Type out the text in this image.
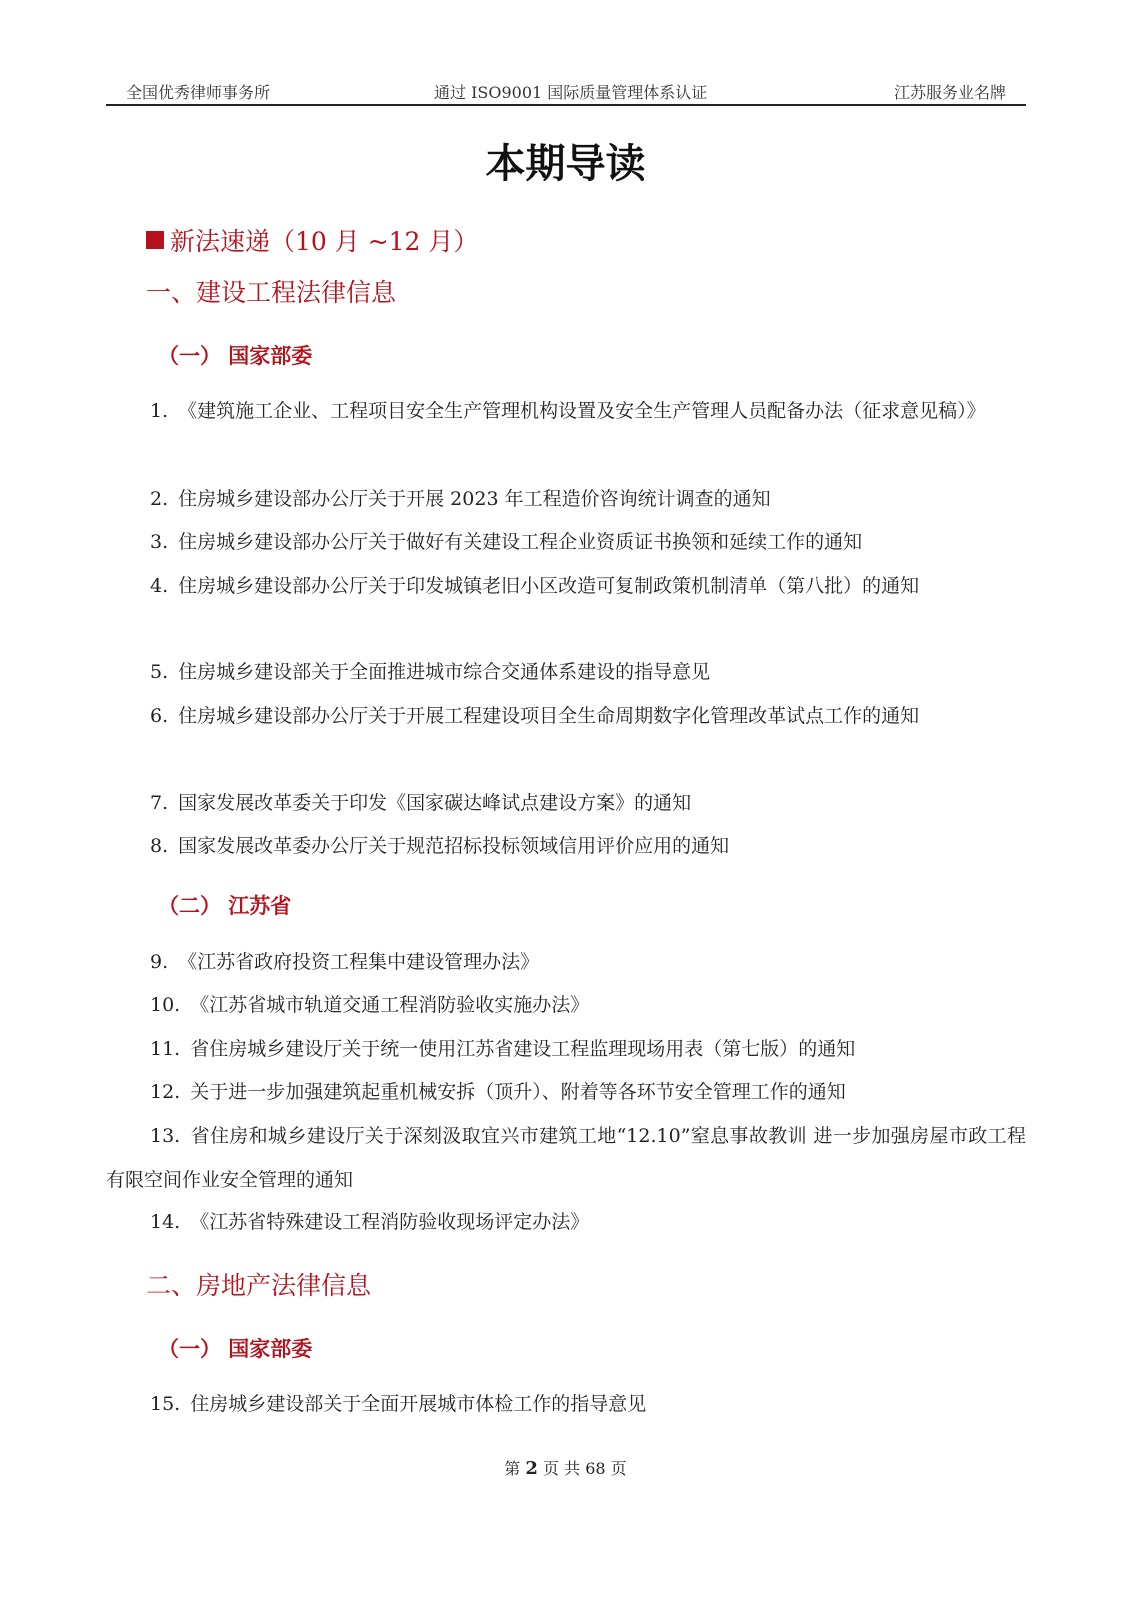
全国优秀律师事务所	通过 ISO9001 国际质量管理体系认证	江苏服务业名牌
本期导读
新法速递（10 月 ~12 月）
一、建设工程法律信息
（一） 国家部委
1. 《建筑施工企业、工程项目安全生产管理机构设置及安全生产管理人员配备办法（征求意见稿）》
2. 住房城乡建设部办公厅关于开展 2023 年工程造价咨询统计调查的通知
3. 住房城乡建设部办公厅关于做好有关建设工程企业资质证书换领和延续工作的通知
4. 住房城乡建设部办公厅关于印发城镇老旧小区改造可复制政策机制清单（第八批）的通知
5. 住房城乡建设部关于全面推进城市综合交通体系建设的指导意见
6. 住房城乡建设部办公厅关于开展工程建设项目全生命周期数字化管理改革试点工作的通知
7. 国家发展改革委关于印发《国家碳达峰试点建设方案》的通知
8. 国家发展改革委办公厅关于规范招标投标领域信用评价应用的通知
（二） 江苏省
9. 《江苏省政府投资工程集中建设管理办法》
10. 《江苏省城市轨道交通工程消防验收实施办法》
11. 省住房城乡建设厅关于统一使用江苏省建设工程监理现场用表（第七版）的通知
12. 关于进一步加强建筑起重机械安拆（顶升）、附着等各环节安全管理工作的通知
13. 省住房和城乡建设厅关于深刻汲取宜兴市建筑工地“12.10”窒息事故教训 进一步加强房屋市政工程有限空间作业安全管理的通知
14. 《江苏省特殊建设工程消防验收现场评定办法》
二、房地产法律信息
（一） 国家部委
15. 住房城乡建设部关于全面开展城市体检工作的指导意见
第 2 页 共 68 页
